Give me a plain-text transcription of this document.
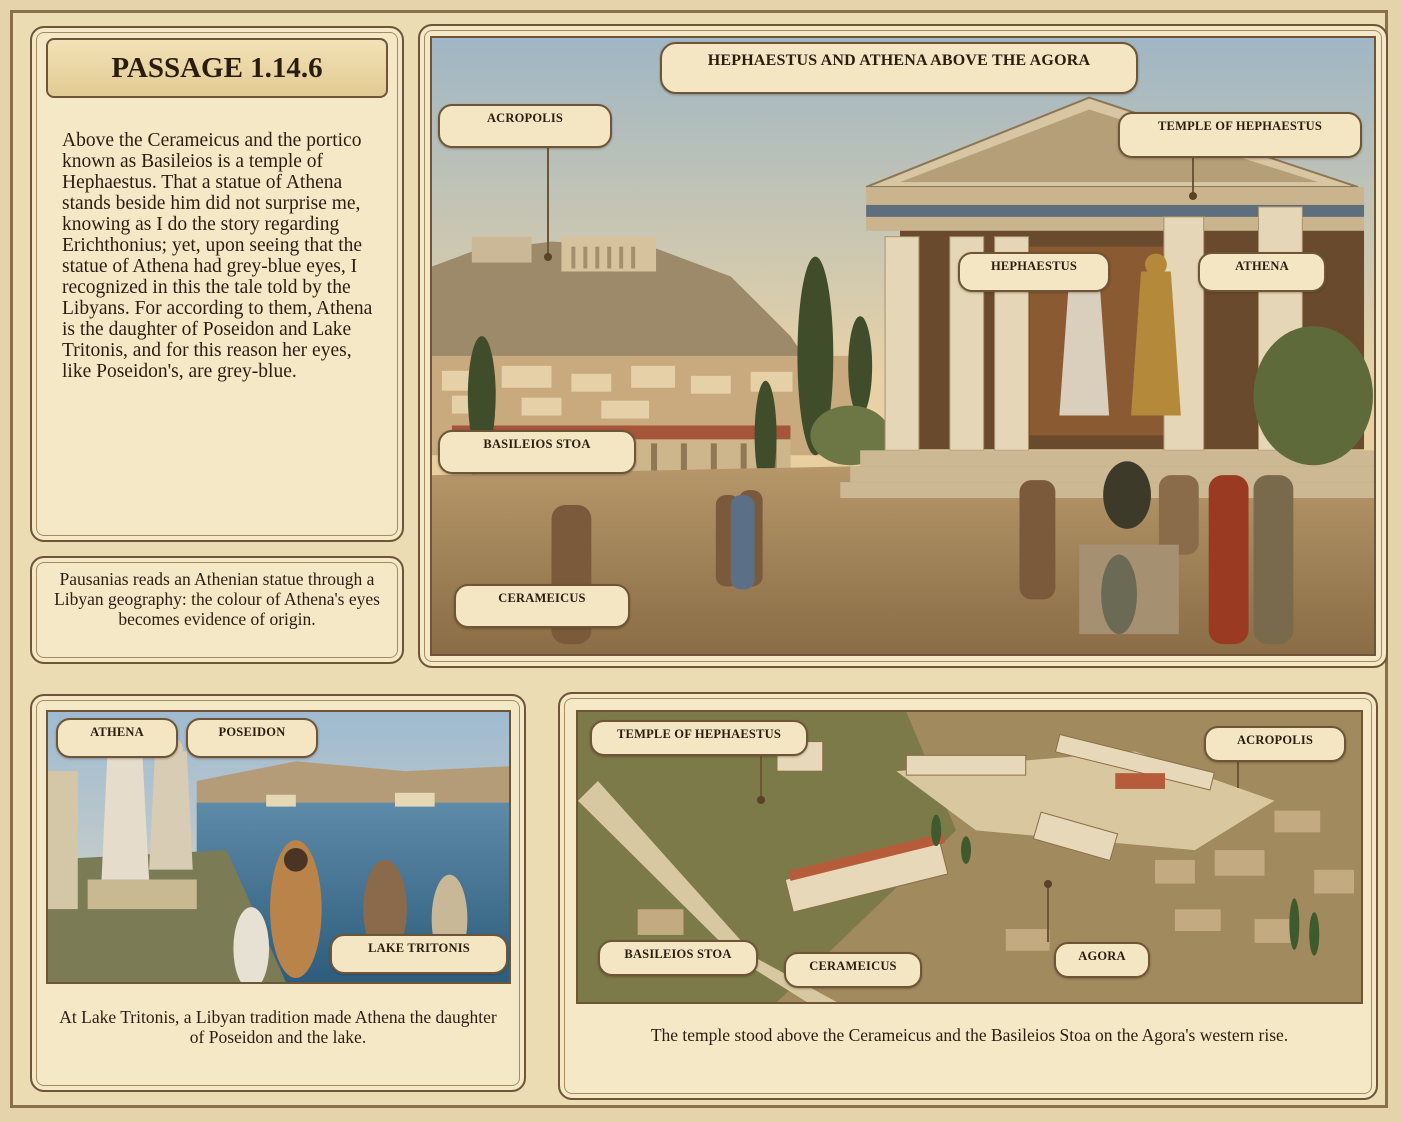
PASSAGE 1.14.6
Above the Cerameicus and the portico known as Basileios is a temple of Hephaestus. That a statue of Athena stands beside him did not surprise me, knowing as I do the story regarding Erichthonius; yet, upon seeing that the statue of Athena had grey-blue eyes, I recognized in this the tale told by the Libyans. For according to them, Athena is the daughter of Poseidon and Lake Tritonis, and for this reason her eyes, like Poseidon's, are grey-blue.
Pausanias reads an Athenian statue through a Libyan geography: the colour of Athena's eyes becomes evidence of origin.
HEPHAESTUS AND ATHENA ABOVE THE AGORA
ACROPOLIS
TEMPLE OF HEPHAESTUS
HEPHAESTUS	ATHENA
BASILEIOS STOA
CERAMEICUS
ATHENA	POSEIDON
LAKE TRITONIS
At Lake Tritonis, a Libyan tradition made Athena the daughter of Poseidon and the lake.
TEMPLE OF HEPHAESTUS	ACROPOLIS
AGORA
BASILEIOS STOA
CERAMEICUS
The temple stood above the Cerameicus and the Basileios Stoa on the Agora's western rise.
